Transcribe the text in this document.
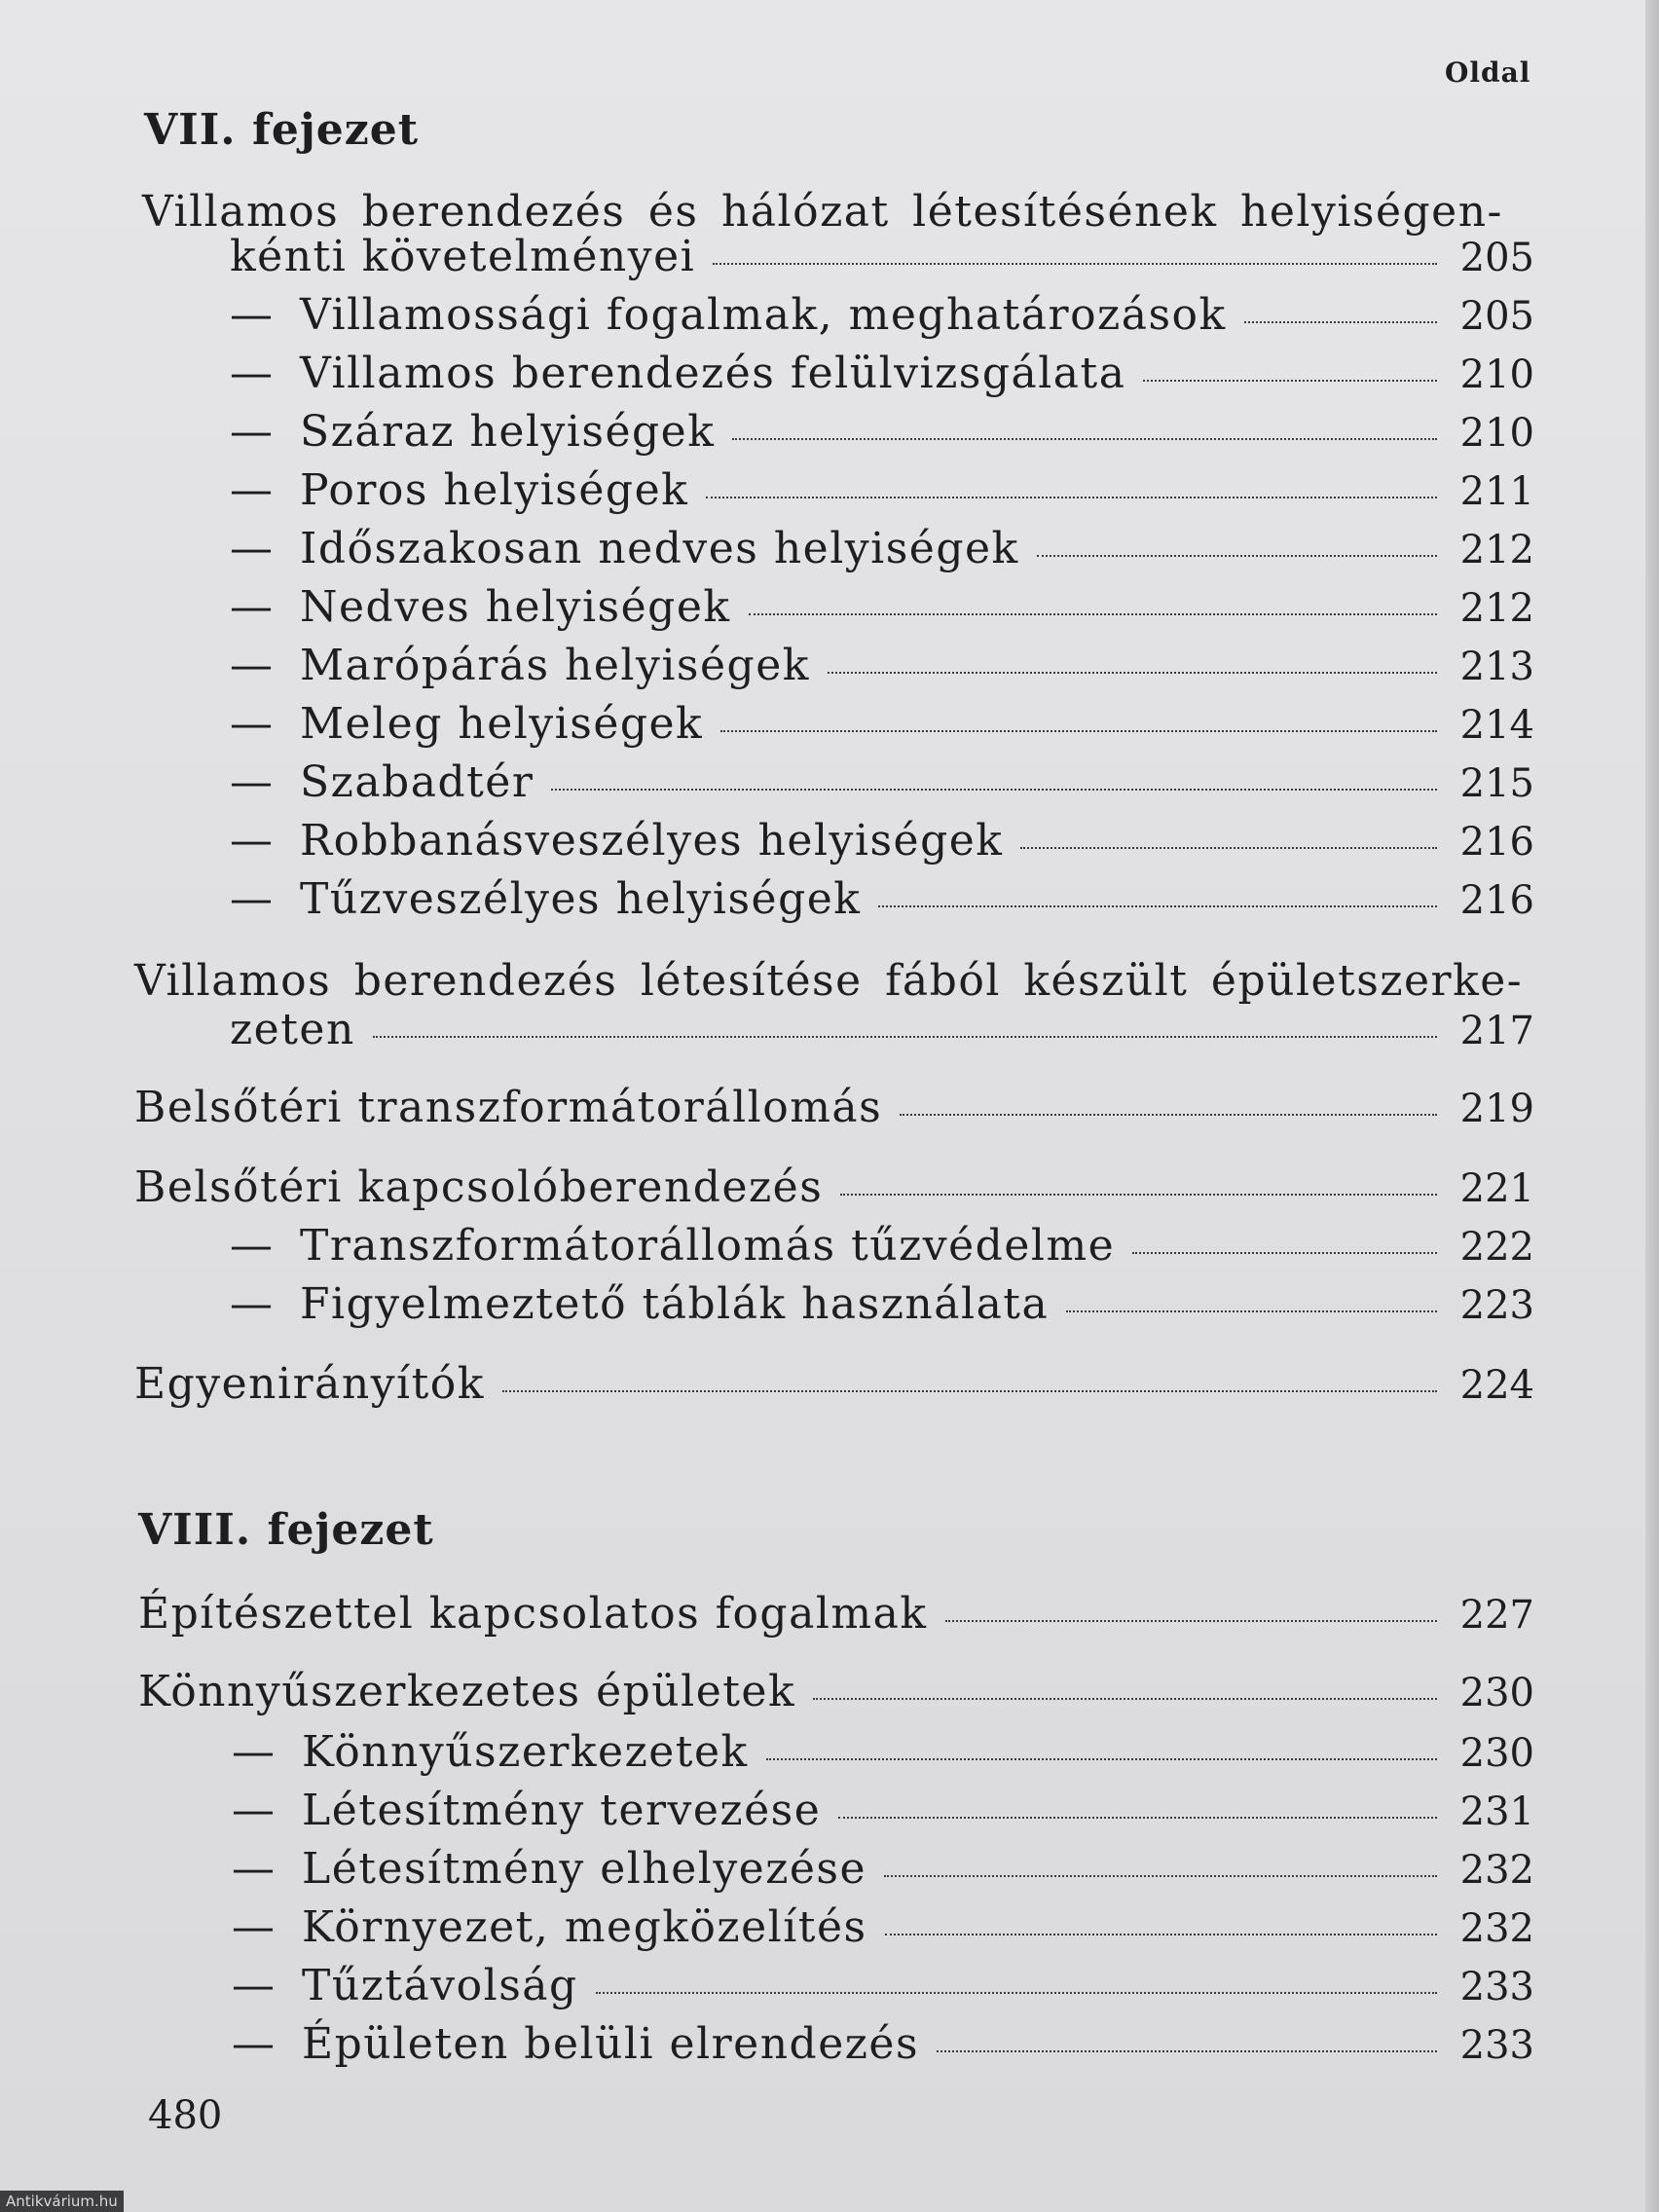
Oldal
VII. fejezet
Villamos berendezés és hálózat létesítésének helyiségen-
kénti követelményei	205
— Villamossági fogalmak, meghatározások	205
— Villamos berendezés felülvizsgálata	210
— Száraz helyiségek	210
— Poros helyiségek	211
— Időszakosan nedves helyiségek	212
— Nedves helyiségek	212
— Marópárás helyiségek	213
— Meleg helyiségek	214
— Szabadtér	215
— Robbanásveszélyes helyiségek	216
— Tűzveszélyes helyiségek	216
Villamos berendezés létesítése fából készült épületszerke-
zeten	217
Belsőtéri transzformátorállomás	219
Belsőtéri kapcsolóberendezés	221
— Transzformátorállomás tűzvédelme	222
— Figyelmeztető táblák használata	223
Egyenirányítók	224
VIII. fejezet
Építészettel kapcsolatos fogalmak	227
Könnyűszerkezetes épületek	230
— Könnyűszerkezetek	230
— Létesítmény tervezése	231
— Létesítmény elhelyezése	232
— Környezet, megközelítés	232
— Tűztávolság	233
— Épületen belüli elrendezés	233
480
Antikvárium.hu
